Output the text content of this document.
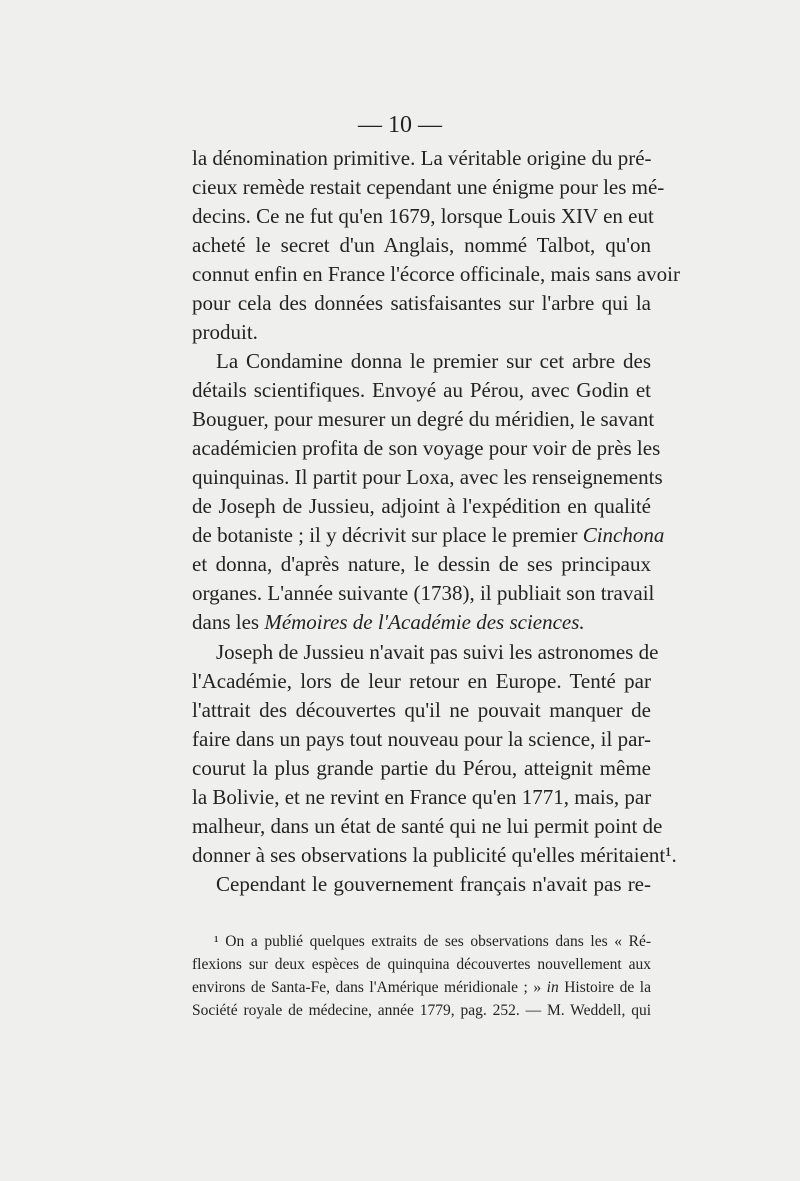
— 10 —
la dénomination primitive. La véritable origine du pré-
cieux remède restait cependant une énigme pour les mé-
decins. Ce ne fut qu'en 1679, lorsque Louis XIV en eut
acheté le secret d'un Anglais, nommé Talbot, qu'on
connut enfin en France l'écorce officinale, mais sans avoir
pour cela des données satisfaisantes sur l'arbre qui la
produit.
La Condamine donna le premier sur cet arbre des
détails scientifiques. Envoyé au Pérou, avec Godin et
Bouguer, pour mesurer un degré du méridien, le savant
académicien profita de son voyage pour voir de près les
quinquinas. Il partit pour Loxa, avec les renseignements
de Joseph de Jussieu, adjoint à l'expédition en qualité
de botaniste ; il y décrivit sur place le premier Cinchona
et donna, d'après nature, le dessin de ses principaux
organes. L'année suivante (1738), il publiait son travail
dans les Mémoires de l'Académie des sciences.
Joseph de Jussieu n'avait pas suivi les astronomes de
l'Académie, lors de leur retour en Europe. Tenté par
l'attrait des découvertes qu'il ne pouvait manquer de
faire dans un pays tout nouveau pour la science, il par-
courut la plus grande partie du Pérou, atteignit même
la Bolivie, et ne revint en France qu'en 1771, mais, par
malheur, dans un état de santé qui ne lui permit point de
donner à ses observations la publicité qu'elles méritaient¹.
Cependant le gouvernement français n'avait pas re-
¹ On a publié quelques extraits de ses observations dans les « Ré-
flexions sur deux espèces de quinquina découvertes nouvellement aux
environs de Santa-Fe, dans l'Amérique méridionale ; » in Histoire de la
Société royale de médecine, année 1779, pag. 252. — M. Weddell, qui
